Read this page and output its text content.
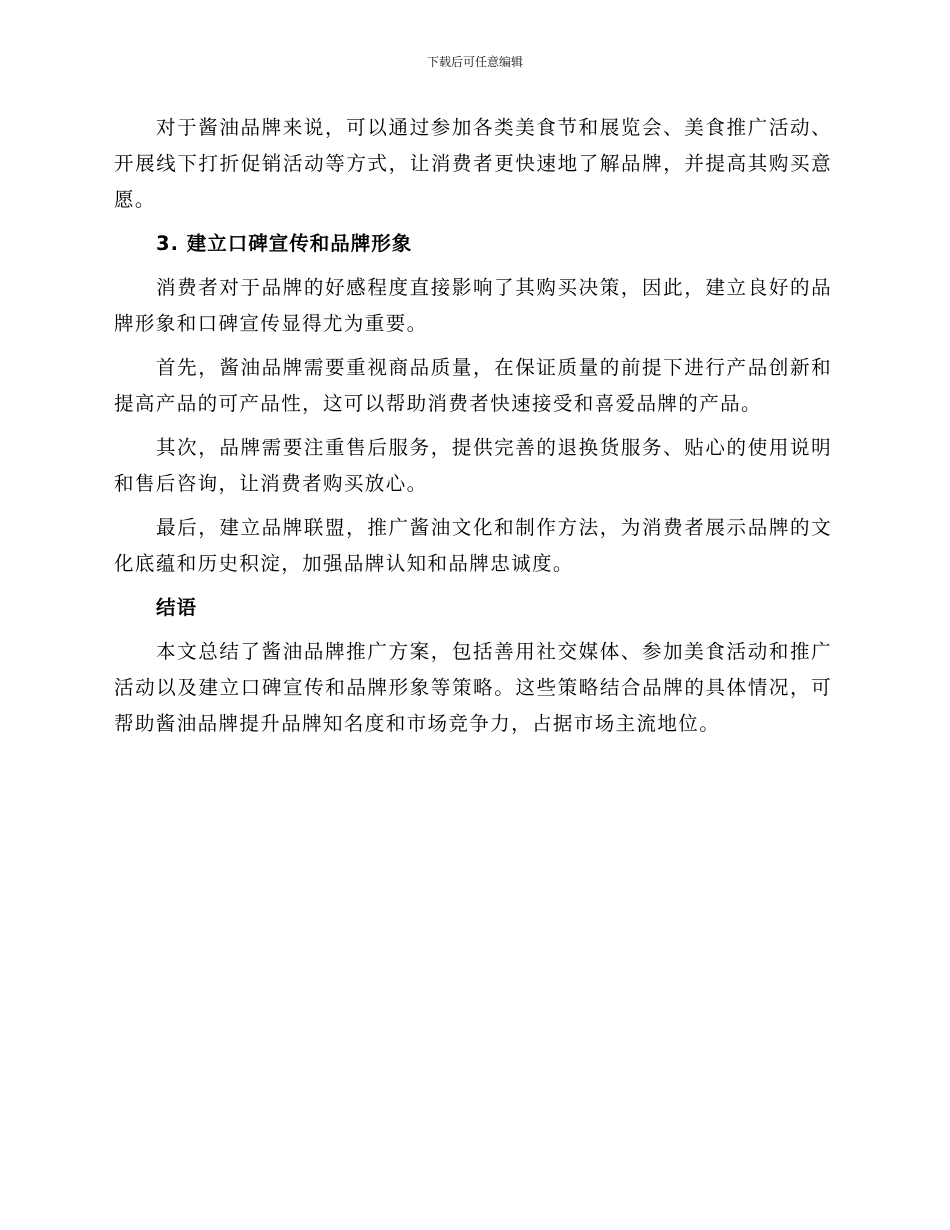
下载后可任意编辑

对于酱油品牌来说，可以通过参加各类美食节和展览会、美食推广活动、开展线下打折促销活动等方式，让消费者更快速地了解品牌，并提高其购买意愿。

3. 建立口碑宣传和品牌形象

消费者对于品牌的好感程度直接影响了其购买决策，因此，建立良好的品牌形象和口碑宣传显得尤为重要。

首先，酱油品牌需要重视商品质量，在保证质量的前提下进行产品创新和提高产品的可产品性，这可以帮助消费者快速接受和喜爱品牌的产品。

其次，品牌需要注重售后服务，提供完善的退换货服务、贴心的使用说明和售后咨询，让消费者购买放心。

最后，建立品牌联盟，推广酱油文化和制作方法，为消费者展示品牌的文化底蕴和历史积淀，加强品牌认知和品牌忠诚度。

结语

本文总结了酱油品牌推广方案，包括善用社交媒体、参加美食活动和推广活动以及建立口碑宣传和品牌形象等策略。这些策略结合品牌的具体情况，可帮助酱油品牌提升品牌知名度和市场竞争力，占据市场主流地位。
